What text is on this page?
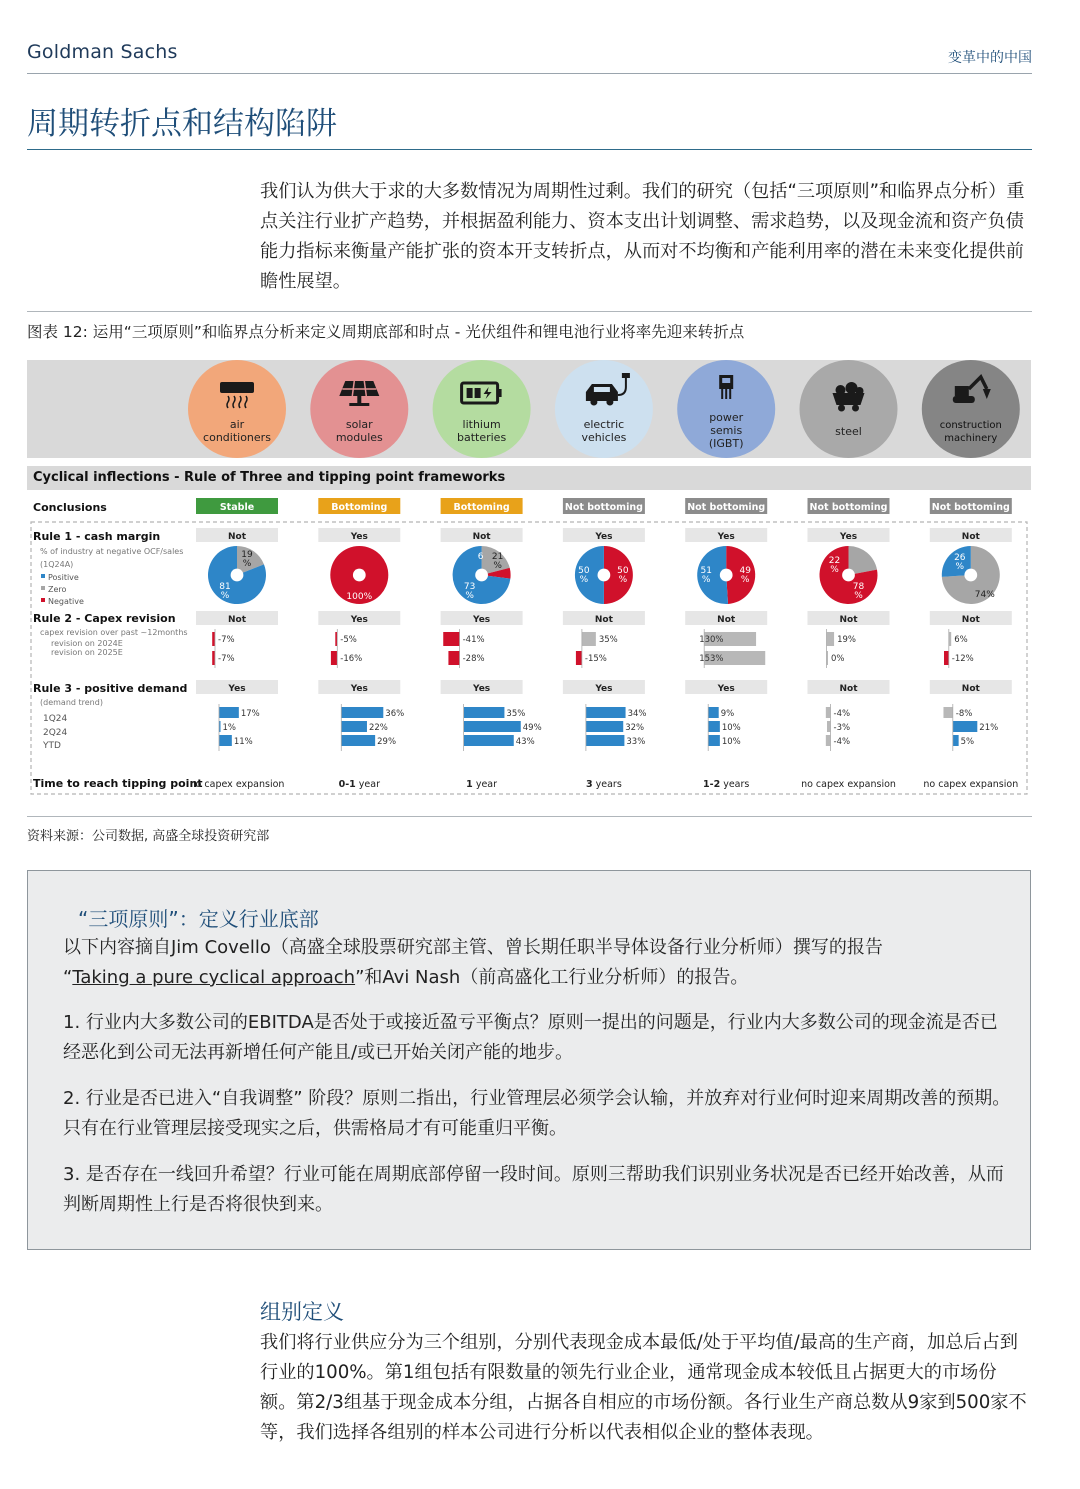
Goldman Sachs	变革中的中国
周期转折点和结构陷阱

我们认为供大于求的大多数情况为周期性过剩。我们的研究（包括“三项原则”和临界点分析）重点关注行业扩产趋势，并根据盈利能力、资本支出计划调整、需求趋势，以及现金流和资产负债能力指标来衡量产能扩张的资本开支转折点，从而对不均衡和产能利用率的潜在未来变化提供前瞻性展望。

图表 12: 运用“三项原则”和临界点分析来定义周期底部和时点 - 光伏组件和锂电池行业将率先迎来转折点
Cyclical inflections - Rule of Three and tipping point frameworks
Conclusions
Rule 1 - cash margin
% of industry at negative OCF/sales
(1Q24A)
Positive
Zero
Negative
Rule 2 - Capex revision
capex revision over past ~12months
revision on 2024E
revision on 2025E
Rule 3 - positive demand
(demand trend)
1Q24
2Q24
YTD
Time to reach tipping point
air
conditioners
Stable
Not
19
%
81
%
Not
-7%
-7%
Yes
17%
1%
11%
no capex expansion
solar
modules
Bottoming
Yes
100%
Yes
-5%
-16%
Yes
36%
22%
29%
0-1 year
lithium
batteries
Bottoming
Not
6 21
%
73
%
Yes
-41%
-28%
Yes
35%
49%
43%
1 year
electric
vehicles
Not bottoming
Yes
50
%
50
%
Not
35%
-15%
Yes
34%
32%
33%
3 years
power
semis
(IGBT)
Not bottoming
Yes
51
%
49
%
Not
130%
153%
Yes
9%
10%
10%
1-2 years
steel
Not bottoming
Yes
22
%
78
%
Not
19%
0%
Not
-4%
-3%
-4%
no capex expansion
construction
machinery
Not bottoming
Not
26
%
74%
Not
6%
-12%
Not
-8%
21%
5%
no capex expansion
资料来源：公司数据, 高盛全球投资研究部
“三项原则”：定义行业底部
以下内容摘自Jim Covello（高盛全球股票研究部主管、曾长期任职半导体设备行业分析师）撰写的报告
“Taking a pure cyclical approach”和Avi Nash（前高盛化工行业分析师）的报告。
1. 行业内大多数公司的EBITDA是否处于或接近盈亏平衡点？原则一提出的问题是，行业内大多数公司的现金流是否已经恶化到公司无法再新增任何产能且/或已开始关闭产能的地步。
2. 行业是否已进入“自我调整” 阶段？原则二指出，行业管理层必须学会认输，并放弃对行业何时迎来周期改善的预期。只有在行业管理层接受现实之后，供需格局才有可能重归平衡。
3. 是否存在一线回升希望？行业可能在周期底部停留一段时间。原则三帮助我们识别业务状况是否已经开始改善，从而判断周期性上行是否将很快到来。
组别定义

我们将行业供应分为三个组别，分别代表现金成本最低/处于平均值/最高的生产商，加总后占到行业的100%。第1组包括有限数量的领先行业企业，通常现金成本较低且占据更大的市场份额。第2/3组基于现金成本分组，占据各自相应的市场份额。各行业生产商总数从9家到500家不等，我们选择各组别的样本公司进行分析以代表相似企业的整体表现。
